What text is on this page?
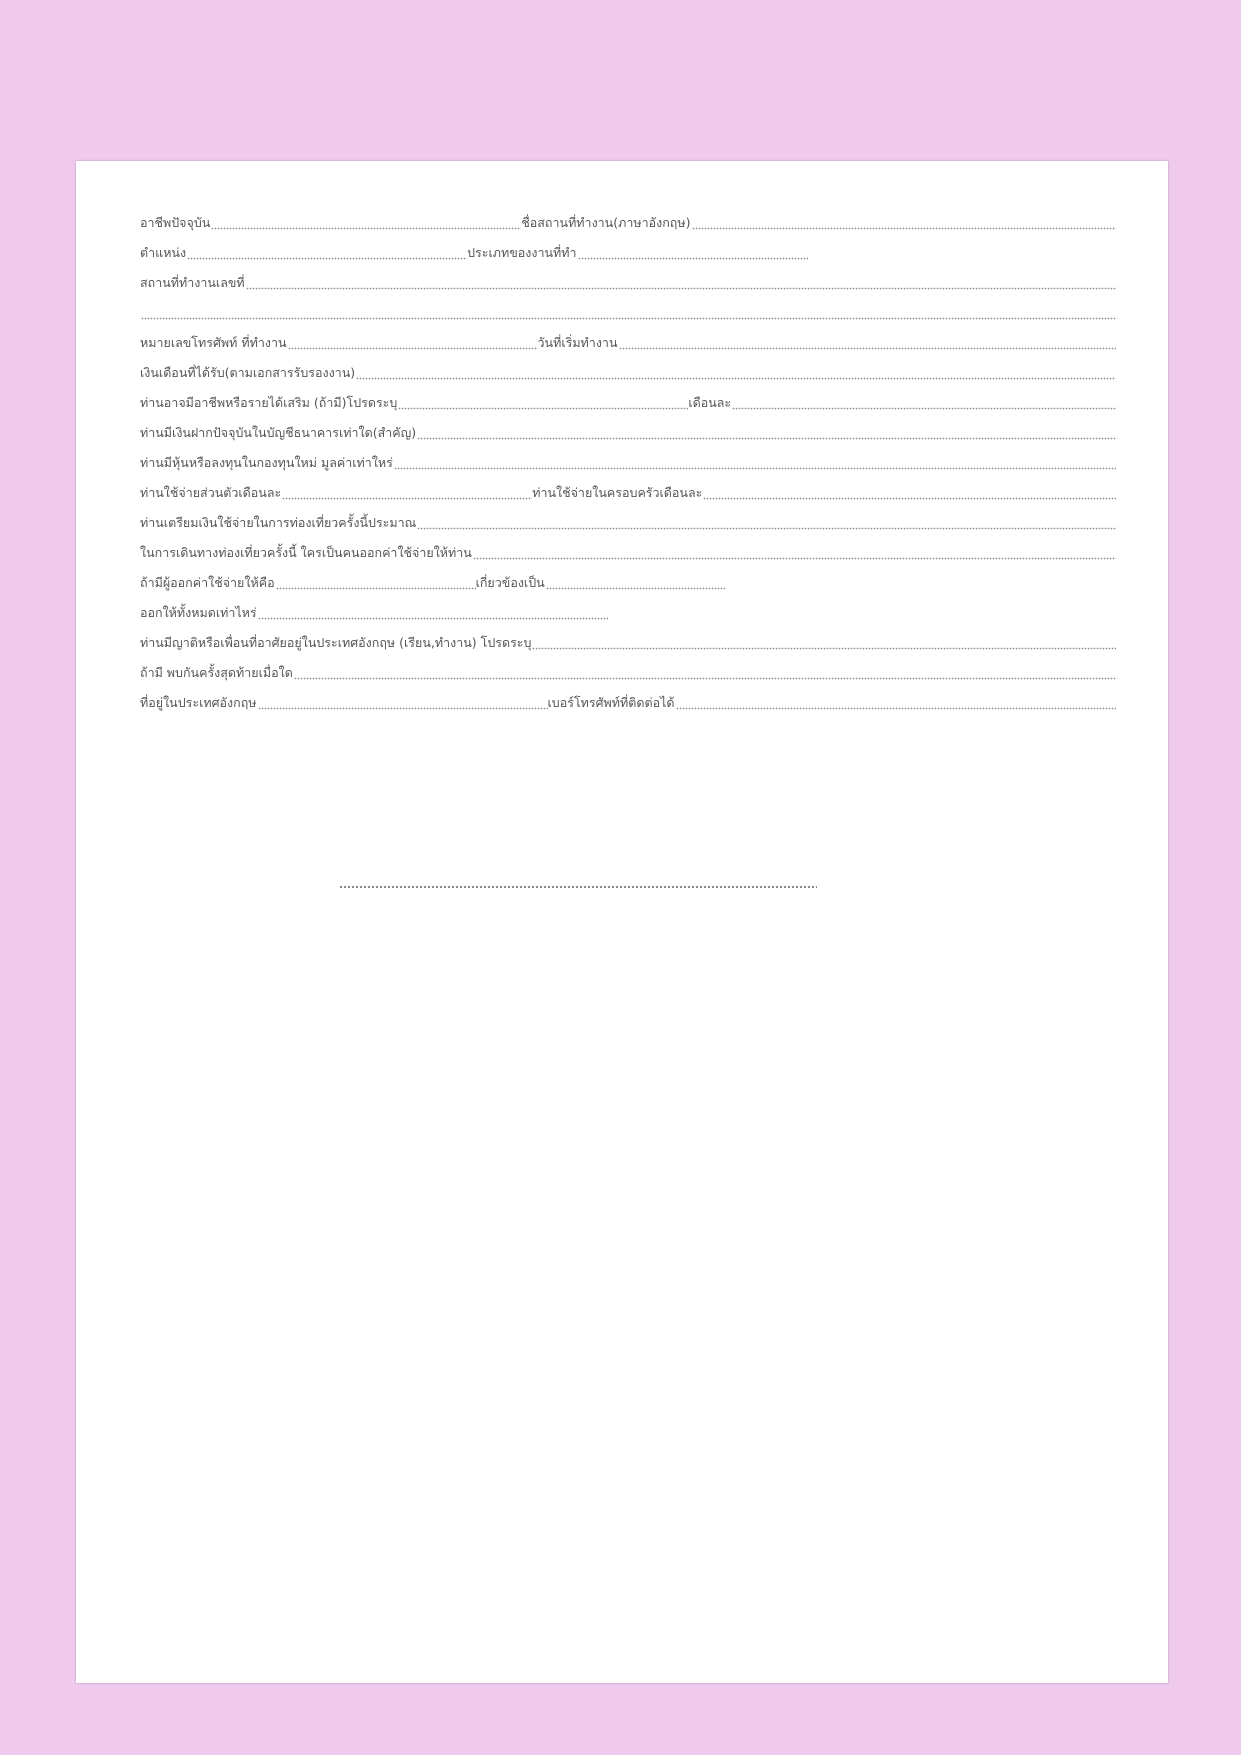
อาชีพปัจจุบัน	ชื่อสถานที่ทำงาน(ภาษาอังกฤษ)
ตำแหน่ง	ประเภทของงานที่ทำ
สถานที่ทำงานเลขที่
หมายเลขโทรศัพท์ ที่ทำงาน	วันที่เริ่มทำงาน
เงินเดือนที่ได้รับ(ตามเอกสารรับรองงาน)
ท่านอาจมีอาชีพหรือรายได้เสริม (ถ้ามี)โปรดระบุ	เดือนละ
ท่านมีเงินฝากปัจจุบันในบัญชีธนาคารเท่าใด(สำคัญ)
ท่านมีหุ้นหรือลงทุนในกองทุนใหม่ มูลค่าเท่าใหร่
ท่านใช้จ่ายส่วนตัวเดือนละ	ท่านใช้จ่ายในครอบครัวเดือนละ
ท่านเตรียมเงินใช้จ่ายในการท่องเที่ยวครั้งนี้ประมาณ
ในการเดินทางท่องเที่ยวครั้งนี้ ใครเป็นคนออกค่าใช้จ่ายให้ท่าน
ถ้ามีผู้ออกค่าใช้จ่ายให้คือ	เกี่ยวข้องเป็น
ออกให้ทั้งหมดเท่าไหร่
ท่านมีญาติหรือเพื่อนที่อาศัยอยู่ในประเทศอังกฤษ (เรียน,ทำงาน) โปรดระบุ
ถ้ามี พบกันครั้งสุดท้ายเมื่อใด
ที่อยู่ในประเทศอังกฤษ	เบอร์โทรศัพท์ที่ติดต่อได้
